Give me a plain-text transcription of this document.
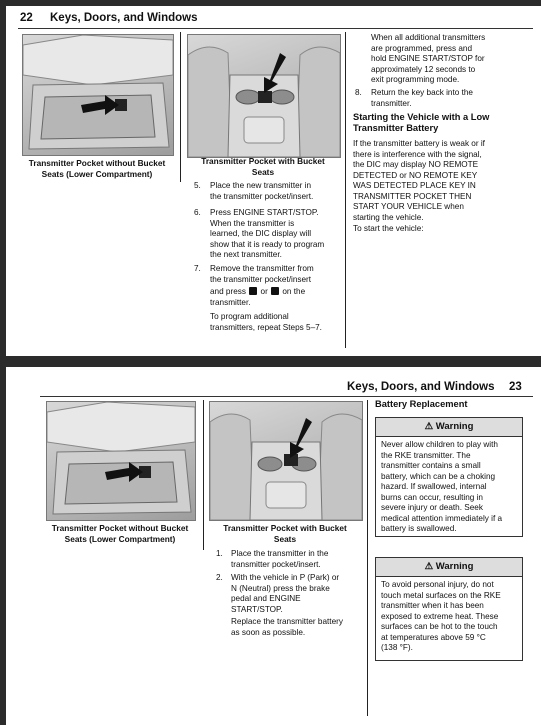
22 Keys, Doors, and Windows
Transmitter Pocket without Bucket
Seats (Lower Compartment)
Transmitter Pocket with Bucket
Seats
5. Place the new transmitter in
the transmitter pocket/insert.
6. Press ENGINE START/STOP.
When the transmitter is
learned, the DIC display will
show that it is ready to program
the next transmitter.
7. Remove the transmitter from
the transmitter pocket/insert
and press or on the
transmitter.
To program additional
transmitters, repeat Steps 5–7.
When all additional transmitters
are programmed, press and
hold ENGINE START/STOP for
approximately 12 seconds to
exit programming mode.
8. Return the key back into the
transmitter.
Starting the Vehicle with a Low
Transmitter Battery
If the transmitter battery is weak or if
there is interference with the signal,
the DIC may display NO REMOTE
DETECTED or NO REMOTE KEY
WAS DETECTED PLACE KEY IN
TRANSMITTER POCKET THEN
START YOUR VEHICLE when
starting the vehicle.
To start the vehicle:
Keys, Doors, and Windows 23
Transmitter Pocket without Bucket
Seats (Lower Compartment)
Transmitter Pocket with Bucket
Seats
1. Place the transmitter in the
transmitter pocket/insert.
2. With the vehicle in P (Park) or
N (Neutral) press the brake
pedal and ENGINE
START/STOP.
Replace the transmitter battery
as soon as possible.
Battery Replacement
⚠ Warning
Never allow children to play with
the RKE transmitter. The
transmitter contains a small
battery, which can be a choking
hazard. If swallowed, internal
burns can occur, resulting in
severe injury or death. Seek
medical attention immediately if a
battery is swallowed.
⚠ Warning
To avoid personal injury, do not
touch metal surfaces on the RKE
transmitter when it has been
exposed to extreme heat. These
surfaces can be hot to the touch
at temperatures above 59 °C
(138 °F).
